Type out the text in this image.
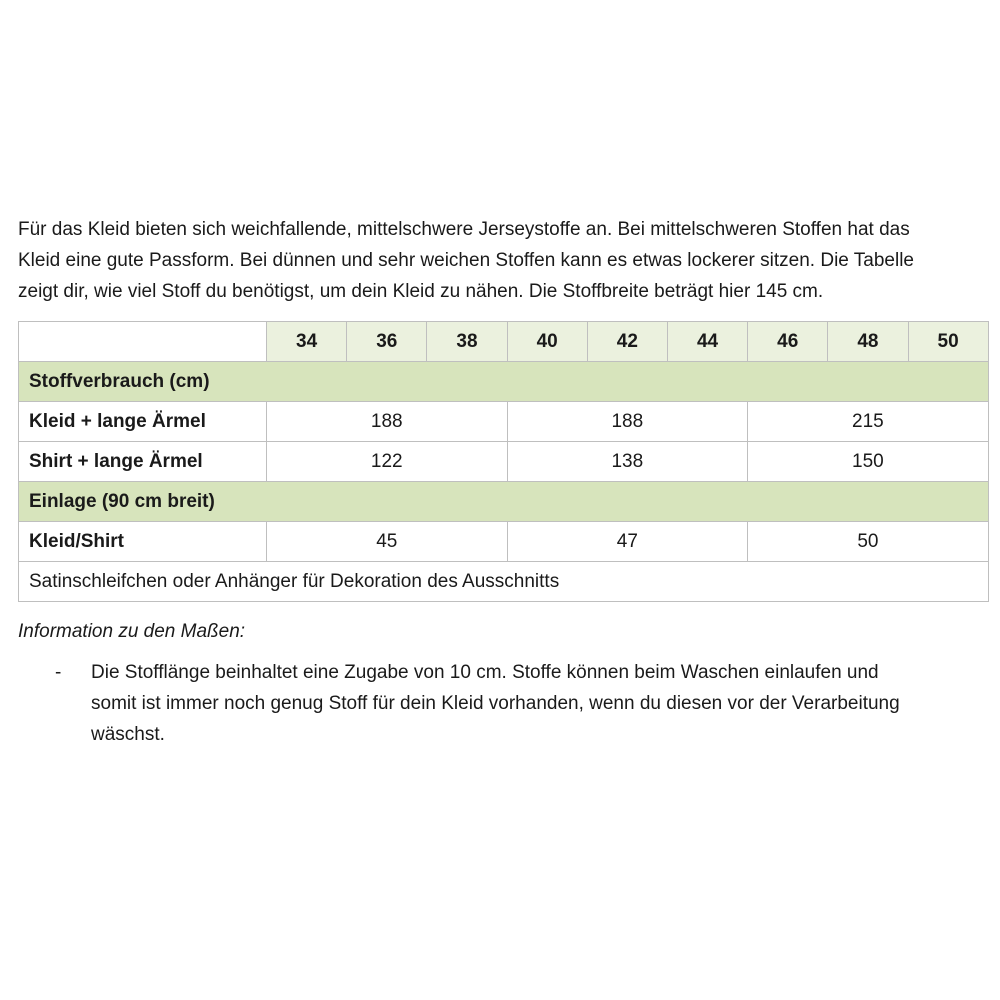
Für das Kleid bieten sich weichfallende, mittelschwere Jerseystoffe an. Bei mittelschweren Stoffen hat das Kleid eine gute Passform. Bei dünnen und sehr weichen Stoffen kann es etwas lockerer sitzen. Die Tabelle zeigt dir, wie viel Stoff du benötigst, um dein Kleid zu nähen. Die Stoffbreite beträgt hier 145 cm.

	34	36	38	40	42	44	46	48	50
Stoffverbrauch (cm)									
Kleid + lange Ärmel	188			188			215		
Shirt + lange Ärmel	122			138			150		
Einlage (90 cm breit)									
Kleid/Shirt	45			47			50		
Satinschleifchen oder Anhänger für Dekoration des Ausschnitts									

Information zu den Maßen:

-	Die Stofflänge beinhaltet eine Zugabe von 10 cm. Stoffe können beim Waschen einlaufen und somit ist immer noch genug Stoff für dein Kleid vorhanden, wenn du diesen vor der Verarbeitung wäschst.
